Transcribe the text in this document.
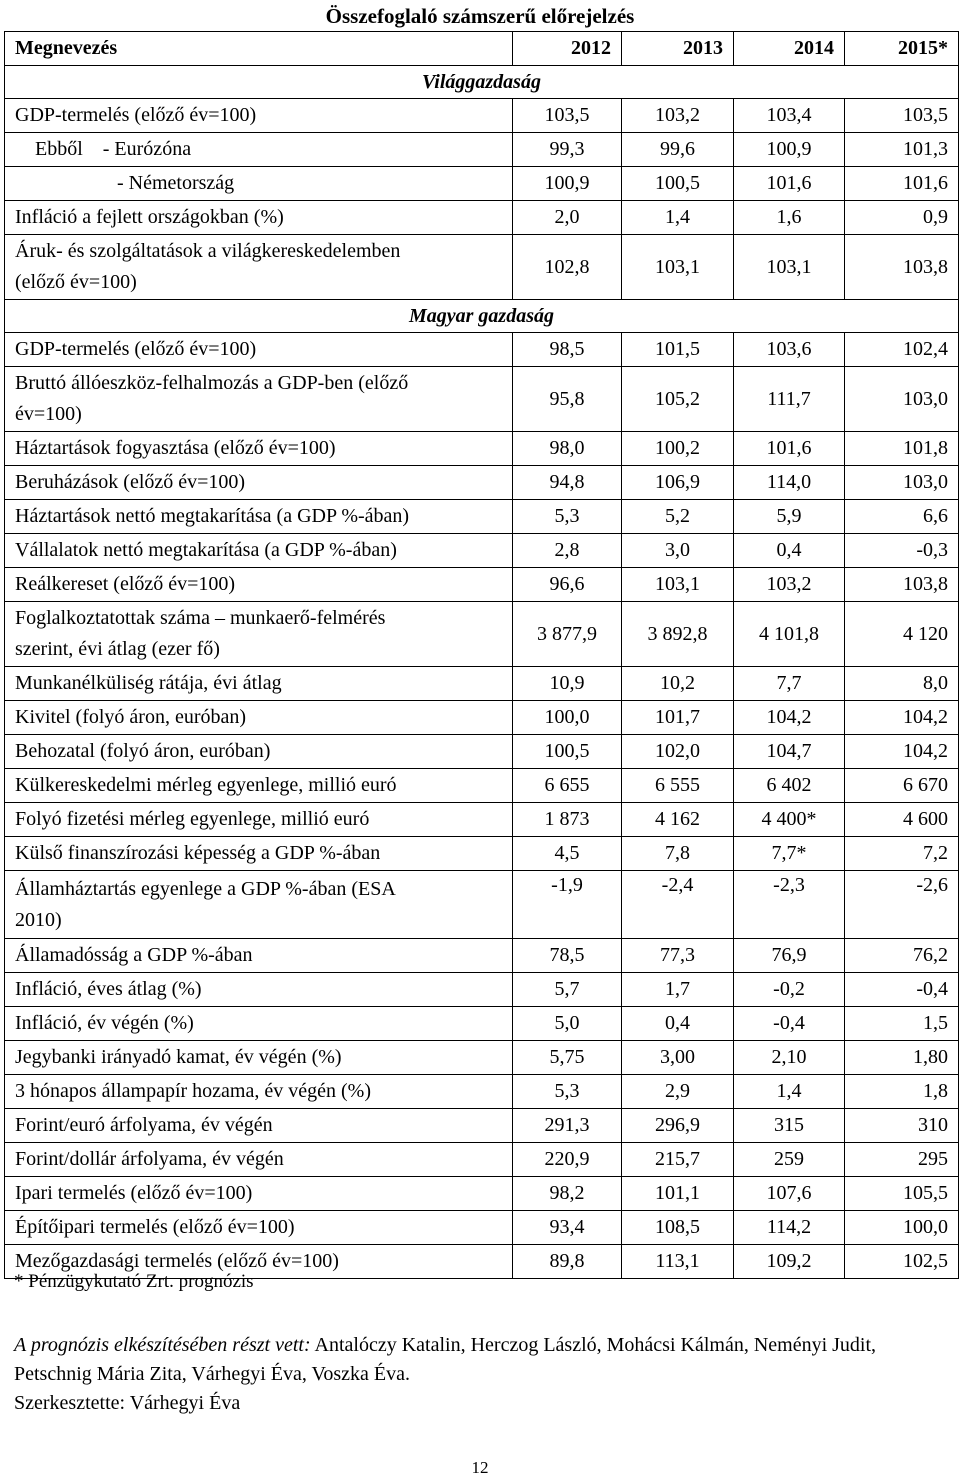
Összefoglaló számszerű előrejelzés
Megnevezés	2012	2013	2014	2015*
Világgazdaság				

GDP-termelés (előző év=100)	103,5	103,2	103,4	103,5

Ebből    - Eurózóna	99,3	99,6	100,9	101,3

- Németország	100,9	100,5	101,6	101,6

Infláció a fejlett országokban (%)	2,0	1,4	1,6	0,9

Áruk- és szolgáltatások a világkereskedelemben
(előző év=100)	102,8	103,1	103,1	103,8
Magyar gazdaság				

GDP-termelés (előző év=100)	98,5	101,5	103,6	102,4

Bruttó állóeszköz-felhalmozás a GDP-ben (előző
év=100)	95,8	105,2	111,7	103,0

Háztartások fogyasztása (előző év=100)	98,0	100,2	101,6	101,8

Beruházások (előző év=100)	94,8	106,9	114,0	103,0

Háztartások nettó megtakarítása (a GDP %-ában)	5,3	5,2	5,9	6,6

Vállalatok nettó megtakarítása (a GDP %-ában)	2,8	3,0	0,4	-0,3

Reálkereset (előző év=100)	96,6	103,1	103,2	103,8

Foglalkoztatottak száma – munkaerő-felmérés
szerint, évi átlag (ezer fő)	3 877,9	3 892,8	4 101,8	4 120

Munkanélküliség rátája, évi átlag	10,9	10,2	7,7	8,0

Kivitel (folyó áron, euróban)	100,0	101,7	104,2	104,2

Behozatal (folyó áron, euróban)	100,5	102,0	104,7	104,2

Külkereskedelmi mérleg egyenlege, millió euró	6 655	6 555	6 402	6 670

Folyó fizetési mérleg egyenlege, millió euró	1 873	4 162	4 400*	4 600

Külső finanszírozási képesség a GDP %-ában	4,5	7,8	7,7*	7,2

Államháztartás egyenlege a GDP %-ában (ESA
2010)	-1,9	-2,4	-2,3	-2,6

Államadósság a GDP %-ában	78,5	77,3	76,9	76,2

Infláció, éves átlag (%)	5,7	1,7	-0,2	-0,4

Infláció, év végén (%)	5,0	0,4	-0,4	1,5

Jegybanki irányadó kamat, év végén (%)	5,75	3,00	2,10	1,80

3 hónapos állampapír hozama, év végén (%)	5,3	2,9	1,4	1,8

Forint/euró árfolyama, év végén	291,3	296,9	315	310

Forint/dollár árfolyama, év végén	220,9	215,7	259	295

Ipari termelés (előző év=100)	98,2	101,1	107,6	105,5

Építőipari termelés (előző év=100)	93,4	108,5	114,2	100,0

Mezőgazdasági termelés (előző év=100)	89,8	113,1	109,2	102,5
* Pénzügykutató Zrt. prognózis
A prognózis elkészítésében részt vett: Antalóczy Katalin, Herczog László, Mohácsi Kálmán, Neményi Judit, Petschnig Mária Zita, Várhegyi Éva, Voszka Éva.
Szerkesztette: Várhegyi Éva
12
